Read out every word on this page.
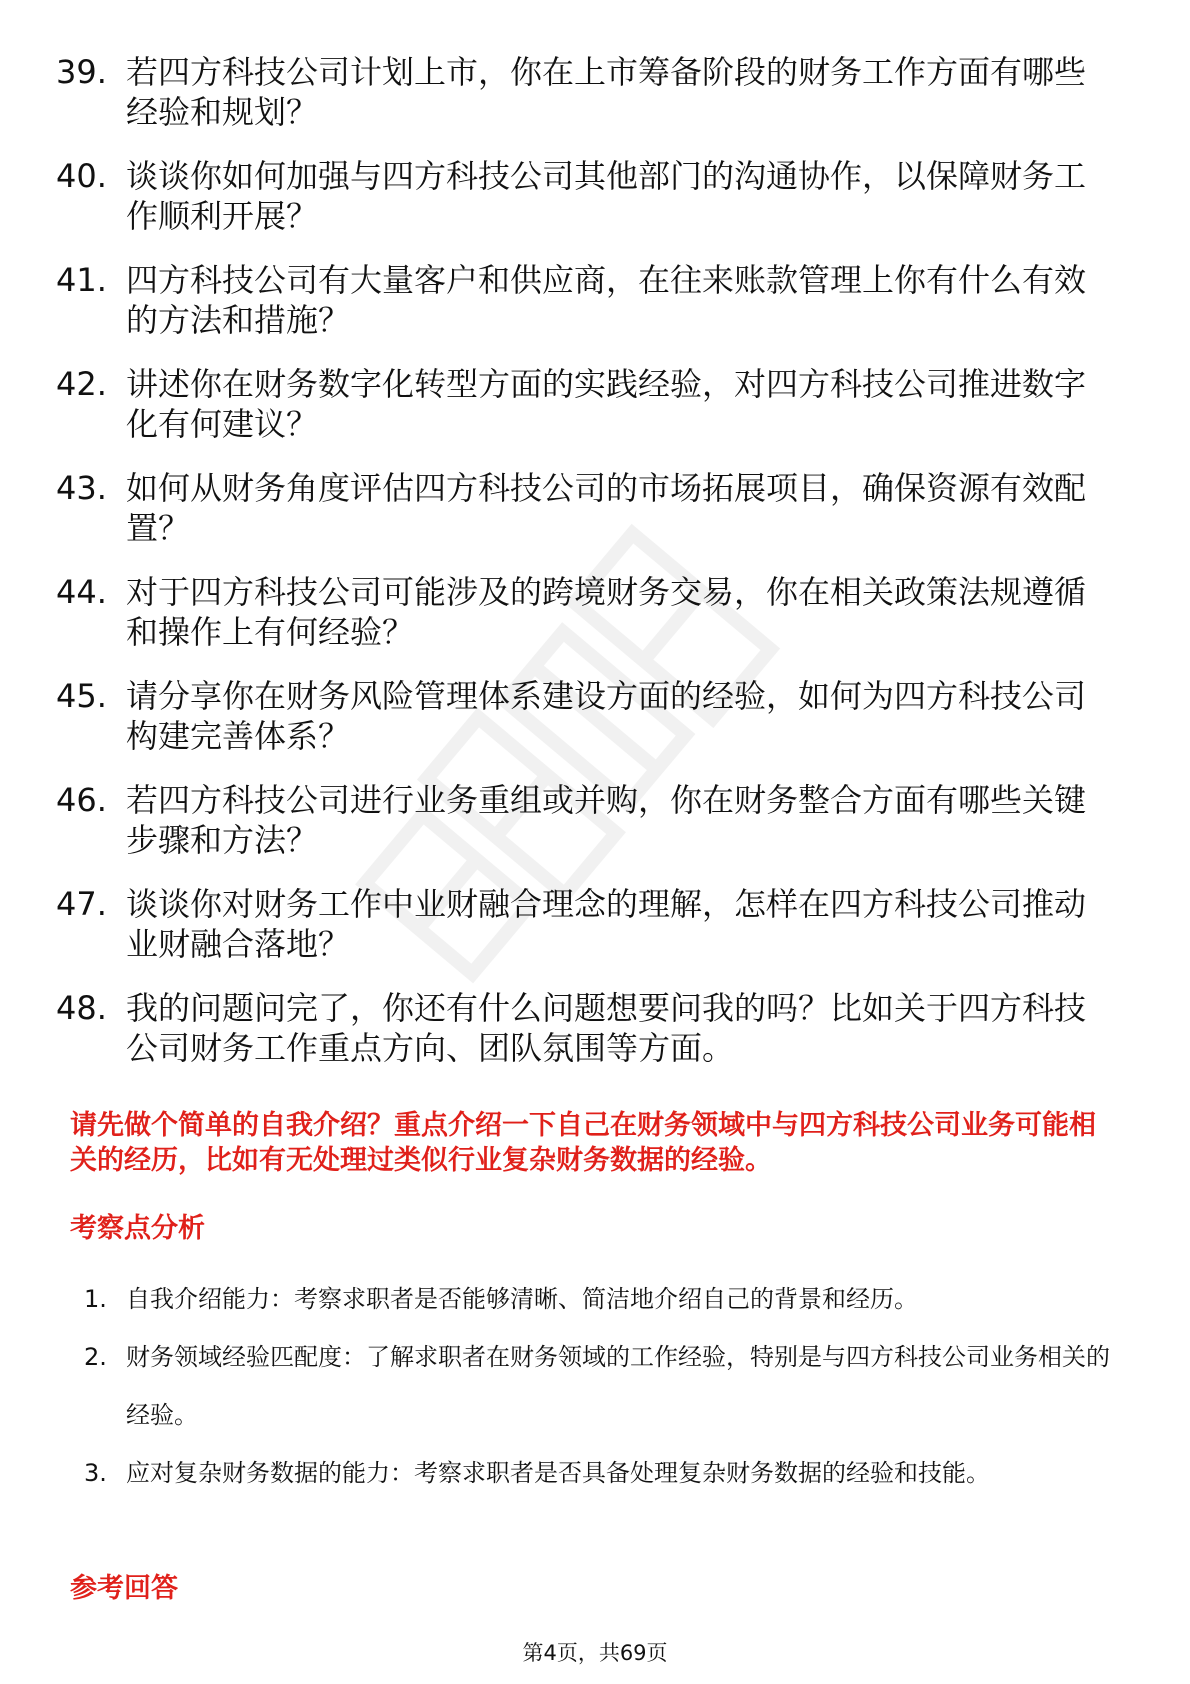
39. 若四方科技公司计划上市，你在上市筹备阶段的财务工作方面有哪些经验和规划？
40. 谈谈你如何加强与四方科技公司其他部门的沟通协作，以保障财务工作顺利开展？
41. 四方科技公司有大量客户和供应商，在往来账款管理上你有什么有效的方法和措施？
42. 讲述你在财务数字化转型方面的实践经验，对四方科技公司推进数字化有何建议？
43. 如何从财务角度评估四方科技公司的市场拓展项目，确保资源有效配置？
44. 对于四方科技公司可能涉及的跨境财务交易，你在相关政策法规遵循和操作上有何经验？
45. 请分享你在财务风险管理体系建设方面的经验，如何为四方科技公司构建完善体系？
46. 若四方科技公司进行业务重组或并购，你在财务整合方面有哪些关键步骤和方法？
47. 谈谈你对财务工作中业财融合理念的理解，怎样在四方科技公司推动业财融合落地？
48. 我的问题问完了，你还有什么问题想要问我的吗？比如关于四方科技公司财务工作重点方向、团队氛围等方面。

请先做个简单的自我介绍？重点介绍一下自己在财务领域中与四方科技公司业务可能相关的经历，比如有无处理过类似行业复杂财务数据的经验。

考察点分析
1. 自我介绍能力：考察求职者是否能够清晰、简洁地介绍自己的背景和经历。
2. 财务领域经验匹配度：了解求职者在财务领域的工作经验，特别是与四方科技公司业务相关的经验。
3. 应对复杂财务数据的能力：考察求职者是否具备处理复杂财务数据的经验和技能。
参考回答
第4页，共69页
